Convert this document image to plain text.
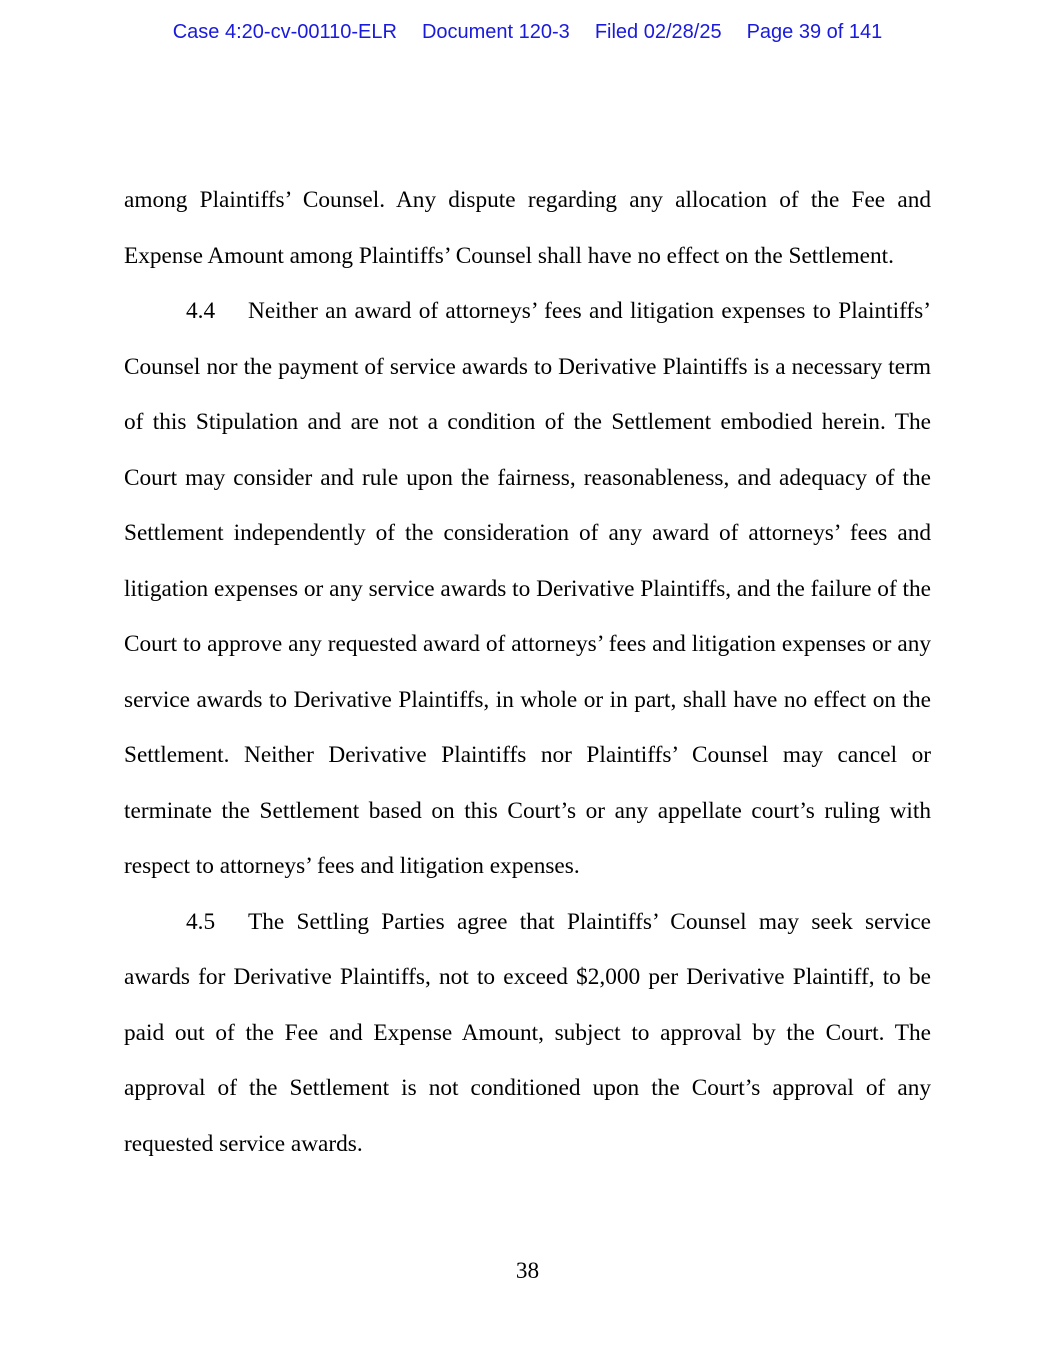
Case 4:20-cv-00110-ELR Document 120-3 Filed 02/28/25 Page 39 of 141

among Plaintiffs’ Counsel. Any dispute regarding any allocation of the Fee and Expense Amount among Plaintiffs’ Counsel shall have no effect on the Settlement.

4.4 Neither an award of attorneys’ fees and litigation expenses to Plaintiffs’ Counsel nor the payment of service awards to Derivative Plaintiffs is a necessary term of this Stipulation and are not a condition of the Settlement embodied herein. The Court may consider and rule upon the fairness, reasonableness, and adequacy of the Settlement independently of the consideration of any award of attorneys’ fees and litigation expenses or any service awards to Derivative Plaintiffs, and the failure of the Court to approve any requested award of attorneys’ fees and litigation expenses or any service awards to Derivative Plaintiffs, in whole or in part, shall have no effect on the Settlement. Neither Derivative Plaintiffs nor Plaintiffs’ Counsel may cancel or terminate the Settlement based on this Court’s or any appellate court’s ruling with respect to attorneys’ fees and litigation expenses.

4.5 The Settling Parties agree that Plaintiffs’ Counsel may seek service awards for Derivative Plaintiffs, not to exceed $2,000 per Derivative Plaintiff, to be paid out of the Fee and Expense Amount, subject to approval by the Court. The approval of the Settlement is not conditioned upon the Court’s approval of any requested service awards.

38
